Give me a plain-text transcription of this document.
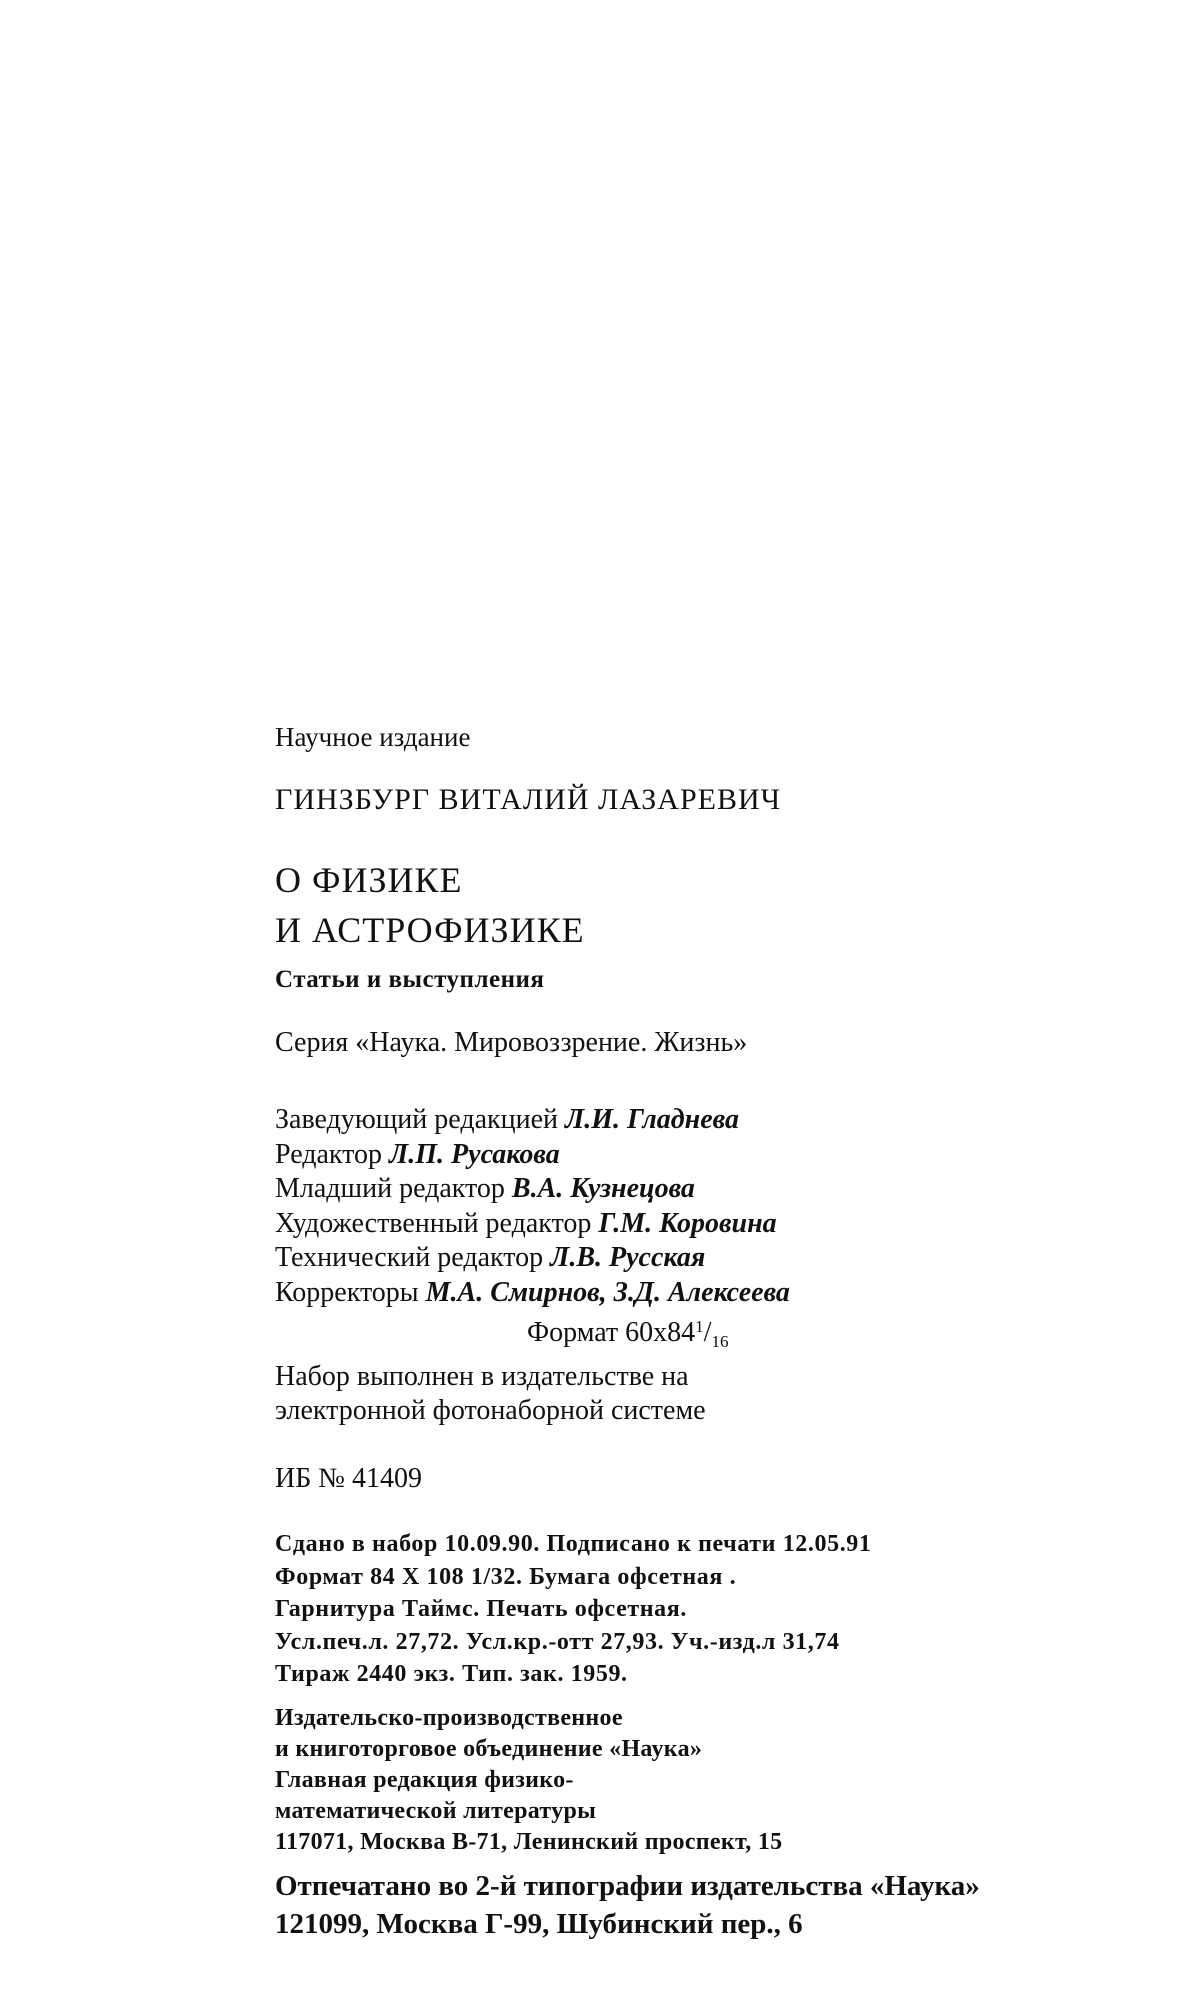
Научное издание
ГИНЗБУРГ ВИТАЛИЙ ЛАЗАРЕВИЧ
О ФИЗИКЕ
И АСТРОФИЗИКЕ
Статьи и выступления
Серия «Наука. Мировоззрение. Жизнь»
Заведующий редакцией Л.И. Гладнева
Редактор Л.П. Русакова
Младший редактор В.А. Кузнецова
Художественный редактор Г.М. Коровина
Технический редактор Л.В. Русская
Корректоры М.А. Смирнов, З.Д. Алексеева
Формат $60х84^1/_{16}$
Набор выполнен в издательстве на
электронной фотонаборной системе
ИБ № 41409
Сдано в набор 10.09.90. Подписано к печати 12.05.91
Формат 84 X 108 1/32. Бумага офсетная .
Гарнитура Таймс. Печать офсетная.
Усл.печ.л. 27,72. Усл.кр.-отт 27,93. Уч.-изд.л 31,74
Тираж 2440 экз. Тип. зак. 1959.
Издательско-производственное
и книготорговое объединение «Наука»
Главная редакция физико-
математической литературы
117071, Москва В-71, Ленинский проспект, 15
Отпечатано во 2-й типографии издательства «Наука»
121099, Москва Г-99, Шубинский пер., 6
